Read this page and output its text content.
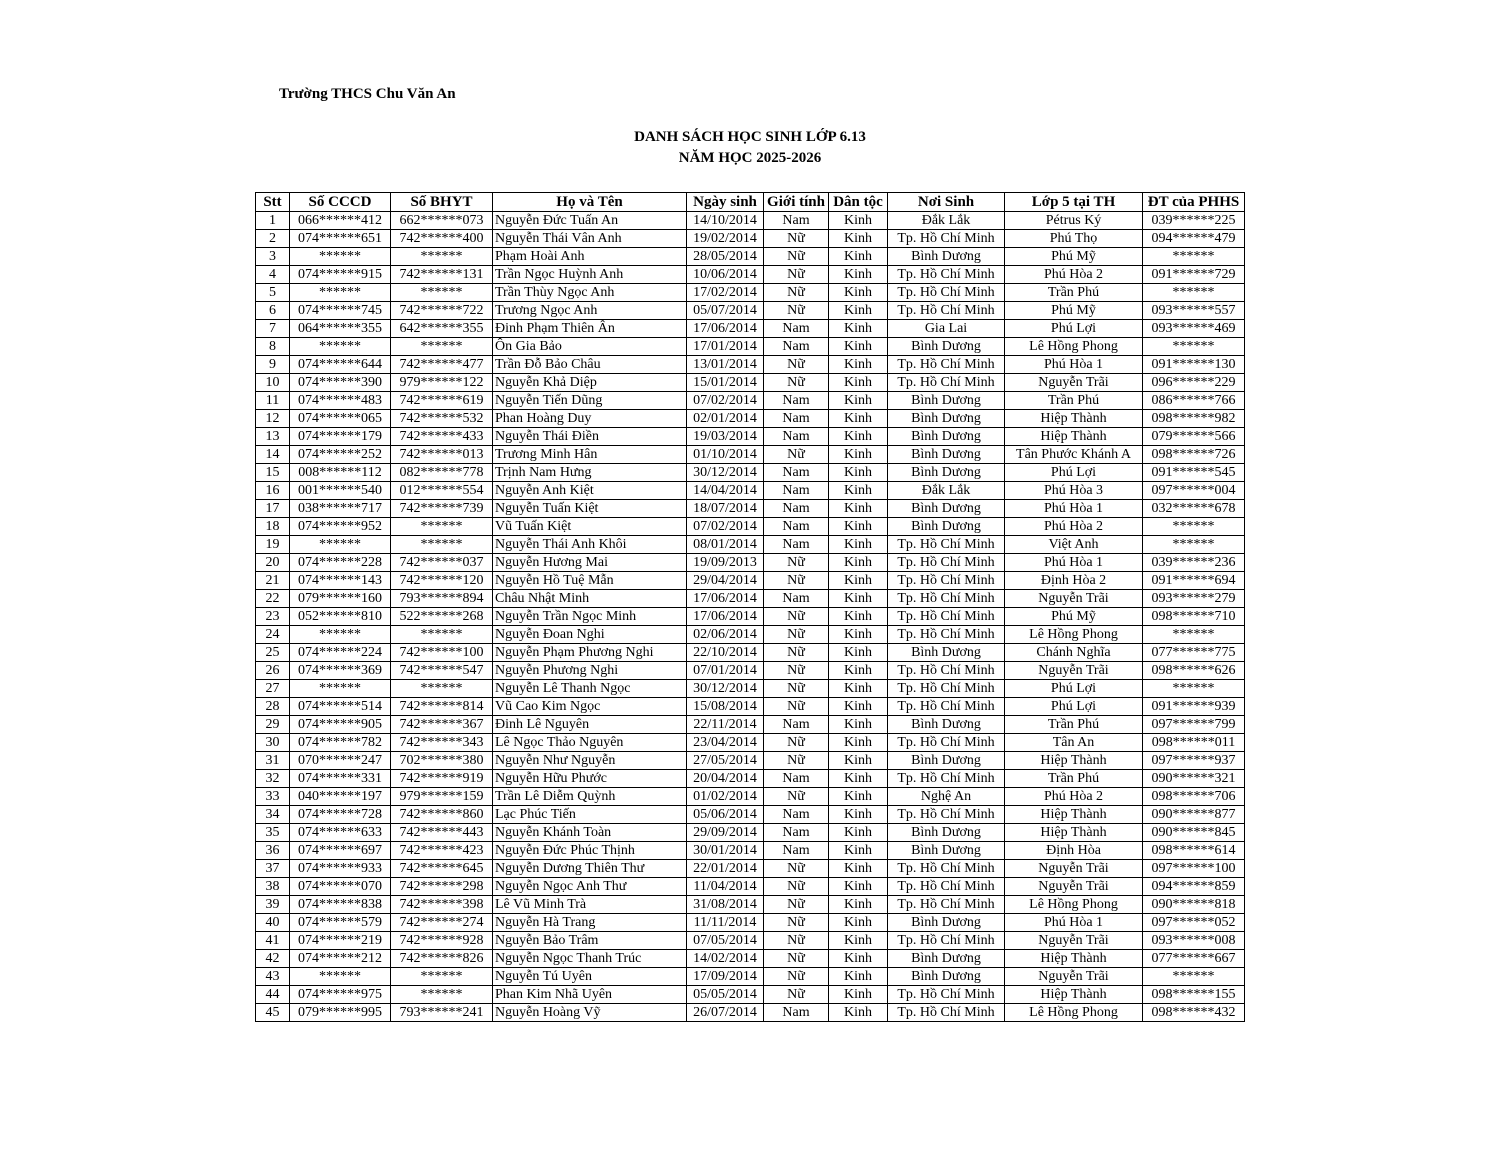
Trường THCS Chu Văn An
DANH SÁCH HỌC SINH LỚP 6.13
NĂM HỌC 2025-2026
Stt	Số CCCD	Số BHYT	Họ và Tên	Ngày sinh	Giới tính	Dân tộc	Nơi Sinh	Lớp 5 tại TH	ĐT của PHHS
1	066******412	662******073	Nguyễn Đức Tuấn An	14/10/2014	Nam	Kinh	Đắk Lắk	Pétrus Ký	039******225
2	074******651	742******400	Nguyễn Thái Vân Anh	19/02/2014	Nữ	Kinh	Tp. Hồ Chí Minh	Phú Thọ	094******479
3	******	******	Phạm Hoài Anh	28/05/2014	Nữ	Kinh	Bình Dương	Phú Mỹ	******
4	074******915	742******131	Trần Ngọc Huỳnh Anh	10/06/2014	Nữ	Kinh	Tp. Hồ Chí Minh	Phú Hòa 2	091******729
5	******	******	Trần Thùy Ngọc Anh	17/02/2014	Nữ	Kinh	Tp. Hồ Chí Minh	Trần Phú	******
6	074******745	742******722	Trương Ngọc Anh	05/07/2014	Nữ	Kinh	Tp. Hồ Chí Minh	Phú Mỹ	093******557
7	064******355	642******355	Đinh Phạm Thiên Ân	17/06/2014	Nam	Kinh	Gia Lai	Phú Lợi	093******469
8	******	******	Ôn Gia Bảo	17/01/2014	Nam	Kinh	Bình Dương	Lê Hồng Phong	******
9	074******644	742******477	Trần Đỗ Bảo Châu	13/01/2014	Nữ	Kinh	Tp. Hồ Chí Minh	Phú Hòa 1	091******130
10	074******390	979******122	Nguyễn Khả Diệp	15/01/2014	Nữ	Kinh	Tp. Hồ Chí Minh	Nguyễn Trãi	096******229
11	074******483	742******619	Nguyễn Tiến Dũng	07/02/2014	Nam	Kinh	Bình Dương	Trần Phú	086******766
12	074******065	742******532	Phan Hoàng Duy	02/01/2014	Nam	Kinh	Bình Dương	Hiệp Thành	098******982
13	074******179	742******433	Nguyễn Thái Điền	19/03/2014	Nam	Kinh	Bình Dương	Hiệp Thành	079******566
14	074******252	742******013	Trương Minh Hân	01/10/2014	Nữ	Kinh	Bình Dương	Tân Phước Khánh A	098******726
15	008******112	082******778	Trịnh Nam Hưng	30/12/2014	Nam	Kinh	Bình Dương	Phú Lợi	091******545
16	001******540	012******554	Nguyễn Anh Kiệt	14/04/2014	Nam	Kinh	Đắk Lắk	Phú Hòa 3	097******004
17	038******717	742******739	Nguyễn Tuấn Kiệt	18/07/2014	Nam	Kinh	Bình Dương	Phú Hòa 1	032******678
18	074******952	******	Vũ Tuấn Kiệt	07/02/2014	Nam	Kinh	Bình Dương	Phú Hòa 2	******
19	******	******	Nguyễn Thái Anh Khôi	08/01/2014	Nam	Kinh	Tp. Hồ Chí Minh	Việt Anh	******
20	074******228	742******037	Nguyễn Hương Mai	19/09/2013	Nữ	Kinh	Tp. Hồ Chí Minh	Phú Hòa 1	039******236
21	074******143	742******120	Nguyễn Hồ Tuệ Mẫn	29/04/2014	Nữ	Kinh	Tp. Hồ Chí Minh	Định Hòa 2	091******694
22	079******160	793******894	Châu Nhật Minh	17/06/2014	Nam	Kinh	Tp. Hồ Chí Minh	Nguyễn Trãi	093******279
23	052******810	522******268	Nguyễn Trần Ngọc Minh	17/06/2014	Nữ	Kinh	Tp. Hồ Chí Minh	Phú Mỹ	098******710
24	******	******	Nguyễn Đoan Nghi	02/06/2014	Nữ	Kinh	Tp. Hồ Chí Minh	Lê Hồng Phong	******
25	074******224	742******100	Nguyễn Phạm Phương Nghi	22/10/2014	Nữ	Kinh	Bình Dương	Chánh Nghĩa	077******775
26	074******369	742******547	Nguyễn Phương Nghi	07/01/2014	Nữ	Kinh	Tp. Hồ Chí Minh	Nguyễn Trãi	098******626
27	******	******	Nguyễn Lê Thanh Ngọc	30/12/2014	Nữ	Kinh	Tp. Hồ Chí Minh	Phú Lợi	******
28	074******514	742******814	Vũ Cao Kim Ngọc	15/08/2014	Nữ	Kinh	Tp. Hồ Chí Minh	Phú Lợi	091******939
29	074******905	742******367	Đinh Lê Nguyên	22/11/2014	Nam	Kinh	Bình Dương	Trần Phú	097******799
30	074******782	742******343	Lê Ngọc Thảo Nguyên	23/04/2014	Nữ	Kinh	Tp. Hồ Chí Minh	Tân An	098******011
31	070******247	702******380	Nguyễn Như Nguyễn	27/05/2014	Nữ	Kinh	Bình Dương	Hiệp Thành	097******937
32	074******331	742******919	Nguyễn Hữu Phước	20/04/2014	Nam	Kinh	Tp. Hồ Chí Minh	Trần Phú	090******321
33	040******197	979******159	Trần Lê Diễm Quỳnh	01/02/2014	Nữ	Kinh	Nghệ An	Phú Hòa 2	098******706
34	074******728	742******860	Lạc Phúc Tiến	05/06/2014	Nam	Kinh	Tp. Hồ Chí Minh	Hiệp Thành	090******877
35	074******633	742******443	Nguyễn Khánh Toàn	29/09/2014	Nam	Kinh	Bình Dương	Hiệp Thành	090******845
36	074******697	742******423	Nguyễn Đức Phúc Thịnh	30/01/2014	Nam	Kinh	Bình Dương	Định Hòa	098******614
37	074******933	742******645	Nguyễn Dương Thiên Thư	22/01/2014	Nữ	Kinh	Tp. Hồ Chí Minh	Nguyễn Trãi	097******100
38	074******070	742******298	Nguyễn Ngọc Anh Thư	11/04/2014	Nữ	Kinh	Tp. Hồ Chí Minh	Nguyễn Trãi	094******859
39	074******838	742******398	Lê Vũ Minh Trà	31/08/2014	Nữ	Kinh	Tp. Hồ Chí Minh	Lê Hồng Phong	090******818
40	074******579	742******274	Nguyễn Hà Trang	11/11/2014	Nữ	Kinh	Bình Dương	Phú Hòa 1	097******052
41	074******219	742******928	Nguyễn Bảo Trâm	07/05/2014	Nữ	Kinh	Tp. Hồ Chí Minh	Nguyễn Trãi	093******008
42	074******212	742******826	Nguyễn Ngọc Thanh Trúc	14/02/2014	Nữ	Kinh	Bình Dương	Hiệp Thành	077******667
43	******	******	Nguyễn Tú Uyên	17/09/2014	Nữ	Kinh	Bình Dương	Nguyễn Trãi	******
44	074******975	******	Phan Kim Nhã Uyên	05/05/2014	Nữ	Kinh	Tp. Hồ Chí Minh	Hiệp Thành	098******155
45	079******995	793******241	Nguyễn Hoàng Vỹ	26/07/2014	Nam	Kinh	Tp. Hồ Chí Minh	Lê Hồng Phong	098******432
